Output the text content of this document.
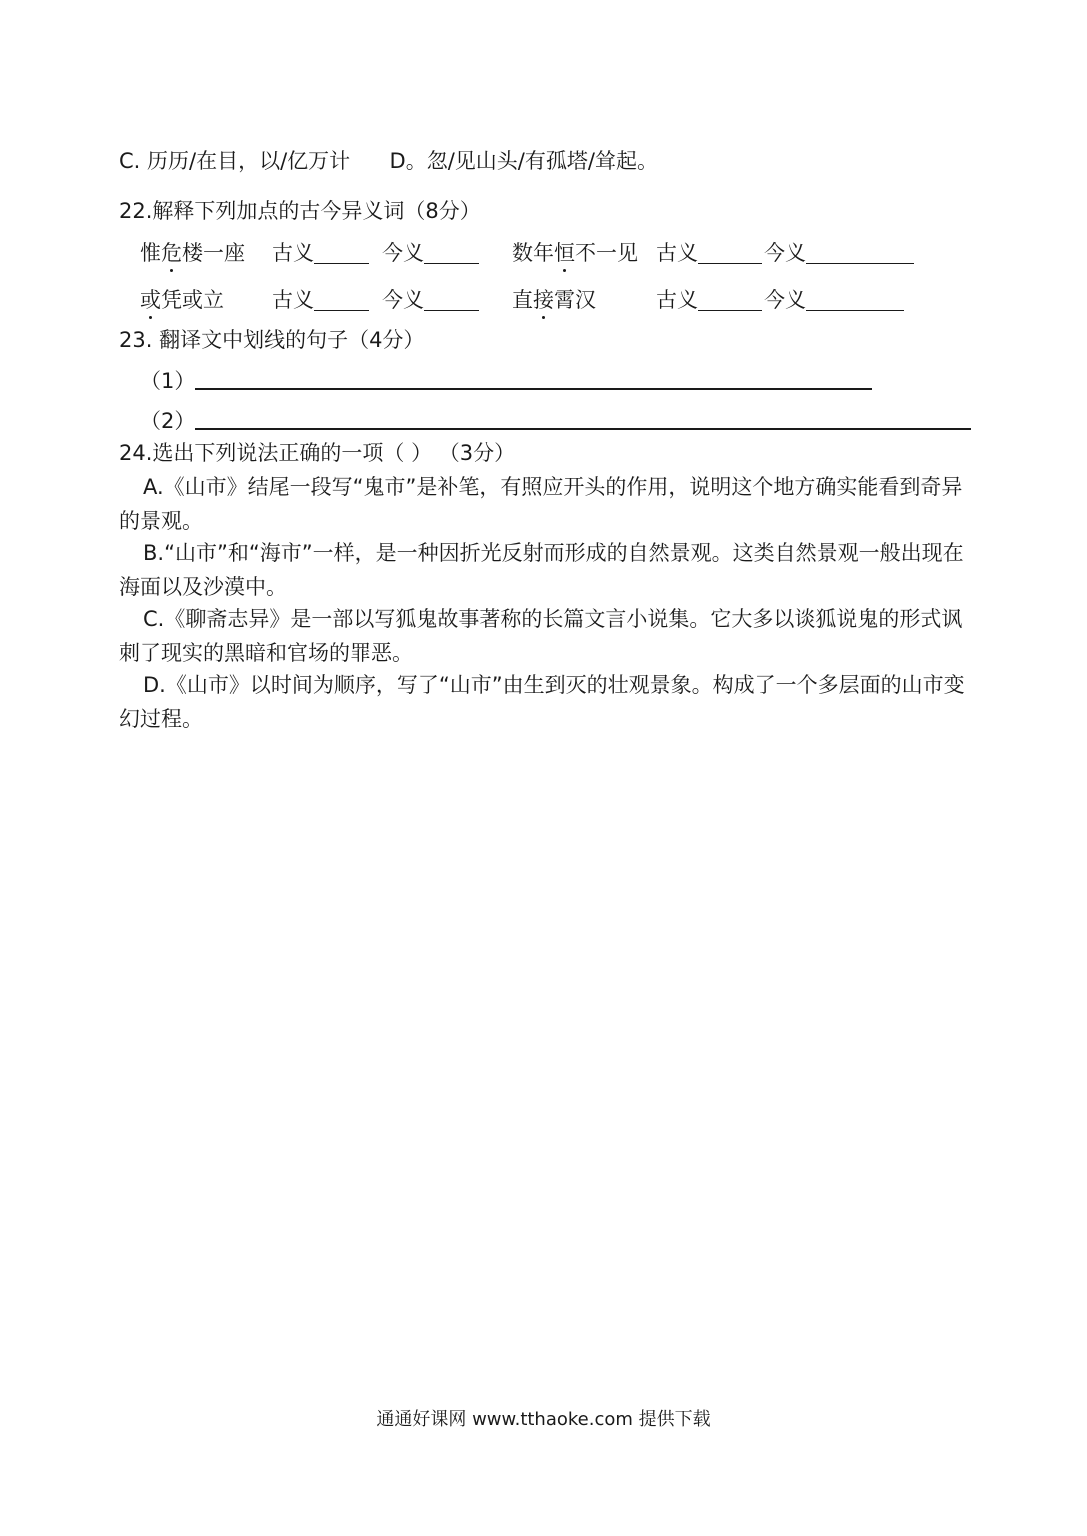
C. 历历/在目，以/亿万计 D。忽/见山头/有孤塔/耸起。
22.解释下列加点的古今异义词（8分）
惟危楼一座 古义	今义	数年恒不一见 古义	今义
或凭或立 古义	今义	直接霄汉	古义	今义
23. 翻译文中划线的句子（4分）
（1）
（2）
24.选出下列说法正确的一项（ ） （3分）
A.《山市》结尾一段写“鬼市”是补笔，有照应开头的作用，说明这个地方确实能看到奇异的景观。
B.“山市”和“海市”一样，是一种因折光反射而形成的自然景观。这类自然景观一般出现在海面以及沙漠中。
C.《聊斋志异》是一部以写狐鬼故事著称的长篇文言小说集。它大多以谈狐说鬼的形式讽刺了现实的黑暗和官场的罪恶。
D.《山市》以时间为顺序，写了“山市”由生到灭的壮观景象。构成了一个多层面的山市变幻过程。
通通好课网 www.tthaoke.com 提供下载
